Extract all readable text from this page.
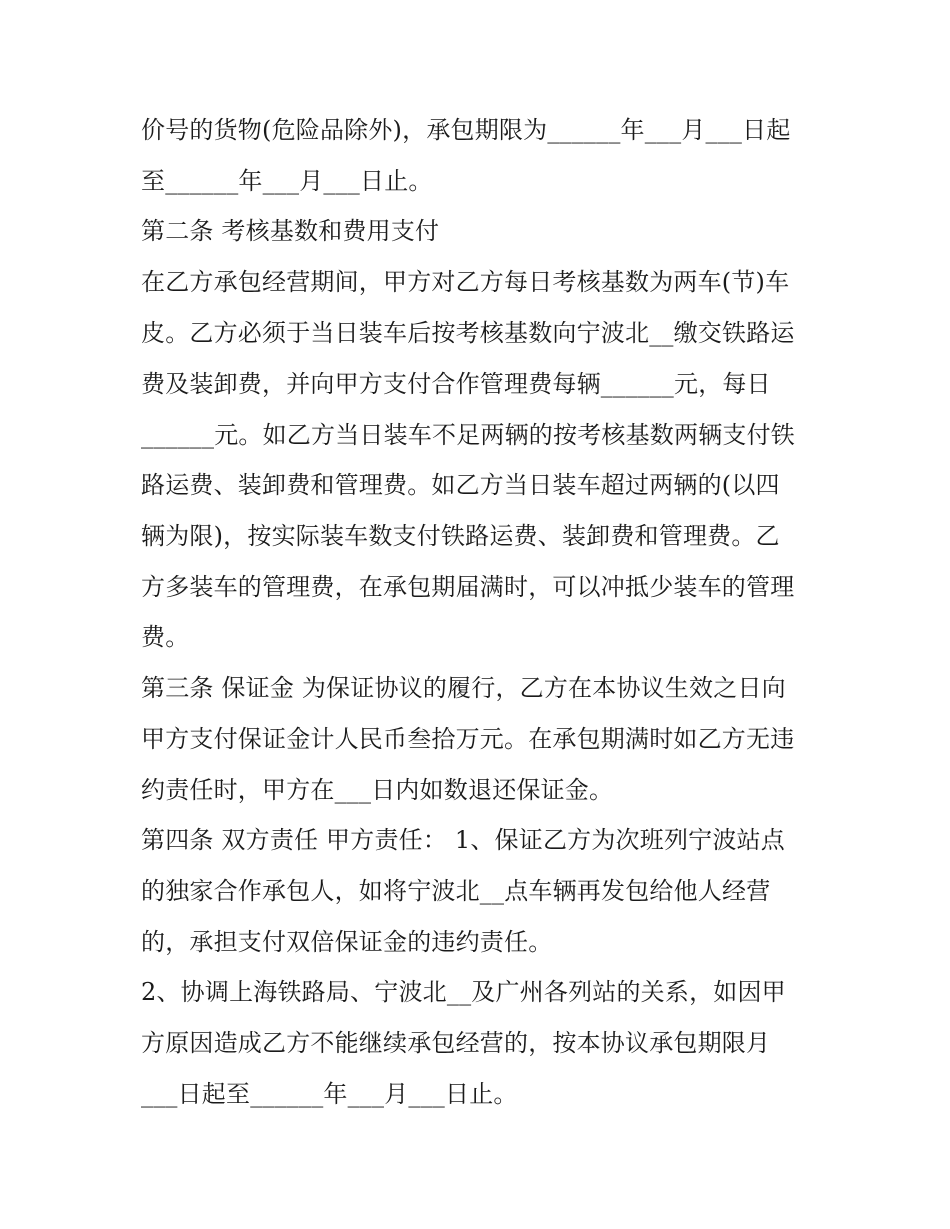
价号的货物(危险品除外)，承包期限为______年___月___日起
至______年___月___日止。
第二条 考核基数和费用支付
在乙方承包经营期间，甲方对乙方每日考核基数为两车(节)车
皮。乙方必须于当日装车后按考核基数向宁波北__缴交铁路运
费及装卸费，并向甲方支付合作管理费每辆______元，每日
______元。如乙方当日装车不足两辆的按考核基数两辆支付铁
路运费、装卸费和管理费。如乙方当日装车超过两辆的(以四
辆为限)，按实际装车数支付铁路运费、装卸费和管理费。乙
方多装车的管理费，在承包期届满时，可以冲抵少装车的管理
费。
第三条 保证金 为保证协议的履行，乙方在本协议生效之日向
甲方支付保证金计人民币叁拾万元。在承包期满时如乙方无违
约责任时，甲方在___日内如数退还保证金。
第四条 双方责任 甲方责任： 1、保证乙方为次班列宁波站点
的独家合作承包人，如将宁波北__点车辆再发包给他人经营
的，承担支付双倍保证金的违约责任。
2、协调上海铁路局、宁波北__及广州各列站的关系，如因甲
方原因造成乙方不能继续承包经营的，按本协议承包期限月
___日起至______年___月___日止。
